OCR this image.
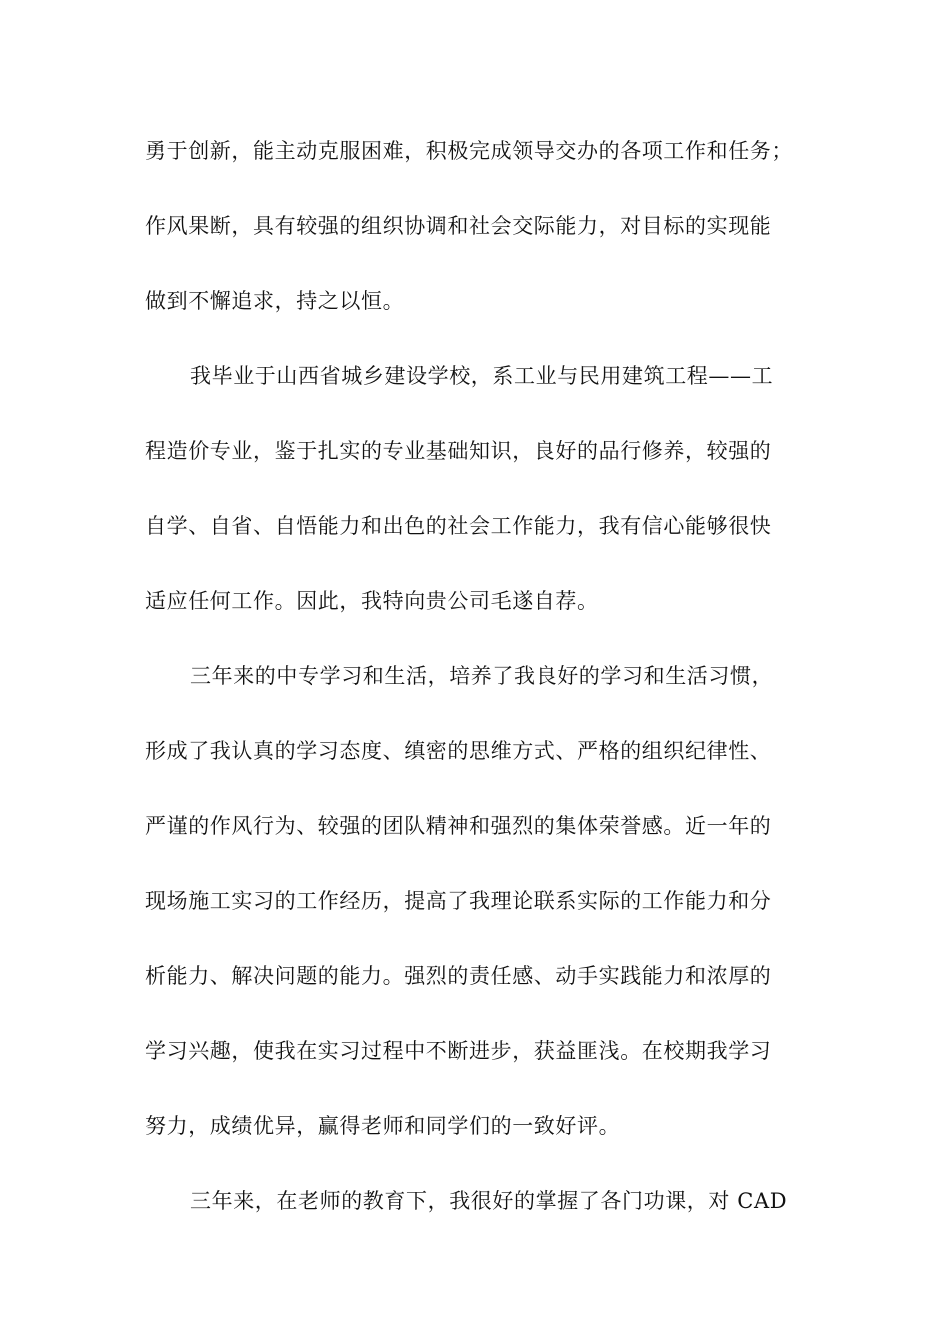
勇于创新，能主动克服困难，积极完成领导交办的各项工作和任务；
作风果断，具有较强的组织协调和社会交际能力，对目标的实现能
做到不懈追求，持之以恒。
我毕业于山西省城乡建设学校，系工业与民用建筑工程——工
程造价专业，鉴于扎实的专业基础知识，良好的品行修养，较强的
自学、自省、自悟能力和出色的社会工作能力，我有信心能够很快
适应任何工作。因此，我特向贵公司毛遂自荐。
三年来的中专学习和生活，培养了我良好的学习和生活习惯，
形成了我认真的学习态度、缜密的思维方式、严格的组织纪律性、
严谨的作风行为、较强的团队精神和强烈的集体荣誉感。近一年的
现场施工实习的工作经历，提高了我理论联系实际的工作能力和分
析能力、解决问题的能力。强烈的责任感、动手实践能力和浓厚的
学习兴趣，使我在实习过程中不断进步，获益匪浅。在校期我学习
努力，成绩优异，赢得老师和同学们的一致好评。
三年来，在老师的教育下，我很好的掌握了各门功课，对 CAD
